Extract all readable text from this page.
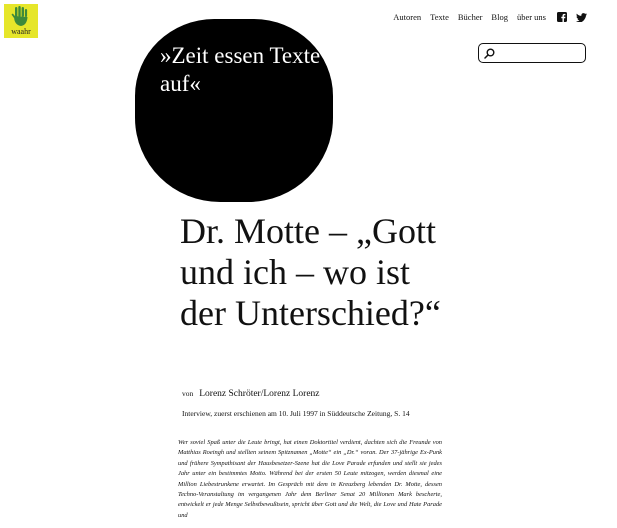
waahr
Autoren Texte Bücher Blog über uns

»Zeit essen Texte auf«

Dr. Motte – „Gott und ich – wo ist der Unterschied?“
von Lorenz Schröter/Lorenz Lorenz
Interview, zuerst erschienen am 10. Juli 1997 in Süddeutsche Zeitung, S. 14

Wer soviel Spaß unter die Leute bringt, hat einen Doktortitel verdient, dachten sich die Freunde von Matthias Roeingh und stellten seinem Spitznamen „Motte“ ein „Dr.“ voran. Der 37-jährige Ex-Punk und frühere Sympathisant der Hausbesetzer-Szene hat die Love Parade erfunden und stellt sie jedes Jahr unter ein bestimmtes Motto. Während bei der ersten 50 Leute mitzogen, werden diesmal eine Million Liebestrunkene erwartet. Im Gespräch mit dem in Kreuzberg lebenden Dr. Motte, dessen Techno-Veranstaltung im vergangenen Jahr dem Berliner Senat 20 Millionen Mark bescherte, entwickelt er jede Menge Selbstbewußtsein, spricht über Gott und die Welt, die Love und Hate Parade und
